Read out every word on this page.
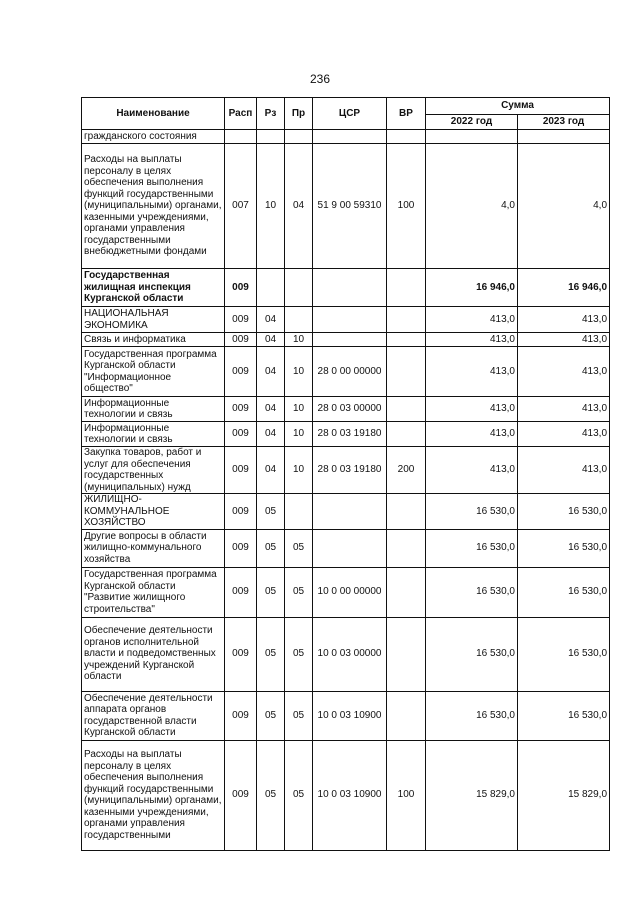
236
Наименование	Расп	Рз	Пр	ЦСР	ВР	Сумма	
						2022 год	2023 год
гражданского состояния							
Расходы на выплаты персоналу в целях обеспечения выполнения функций государственными (муниципальными) органами, казенными учреждениями, органами управления государственными внебюджетными фондами	007	10	04	51 9 00 59310	100	4,0	4,0
Государственная жилищная инспекция Курганской области	009					16 946,0	16 946,0
НАЦИОНАЛЬНАЯ ЭКОНОМИКА	009	04				413,0	413,0
Связь и информатика	009	04	10			413,0	413,0
Государственная программа Курганской области "Информационное общество"	009	04	10	28 0 00 00000		413,0	413,0
Информационные технологии и связь	009	04	10	28 0 03 00000		413,0	413,0
Информационные технологии и связь	009	04	10	28 0 03 19180		413,0	413,0
Закупка товаров, работ и услуг для обеспечения государственных (муниципальных) нужд	009	04	10	28 0 03 19180	200	413,0	413,0
ЖИЛИЩНО-КОММУНАЛЬНОЕ ХОЗЯЙСТВО	009	05				16 530,0	16 530,0
Другие вопросы в области жилищно-коммунального хозяйства	009	05	05			16 530,0	16 530,0
Государственная программа Курганской области "Развитие жилищного строительства"	009	05	05	10 0 00 00000		16 530,0	16 530,0
Обеспечение деятельности органов исполнительной власти и подведомственных учреждений Курганской области	009	05	05	10 0 03 00000		16 530,0	16 530,0
Обеспечение деятельности аппарата органов государственной власти Курганской области	009	05	05	10 0 03 10900		16 530,0	16 530,0
Расходы на выплаты персоналу в целях обеспечения выполнения функций государственными (муниципальными) органами, казенными учреждениями, органами управления государственными	009	05	05	10 0 03 10900	100	15 829,0	15 829,0
